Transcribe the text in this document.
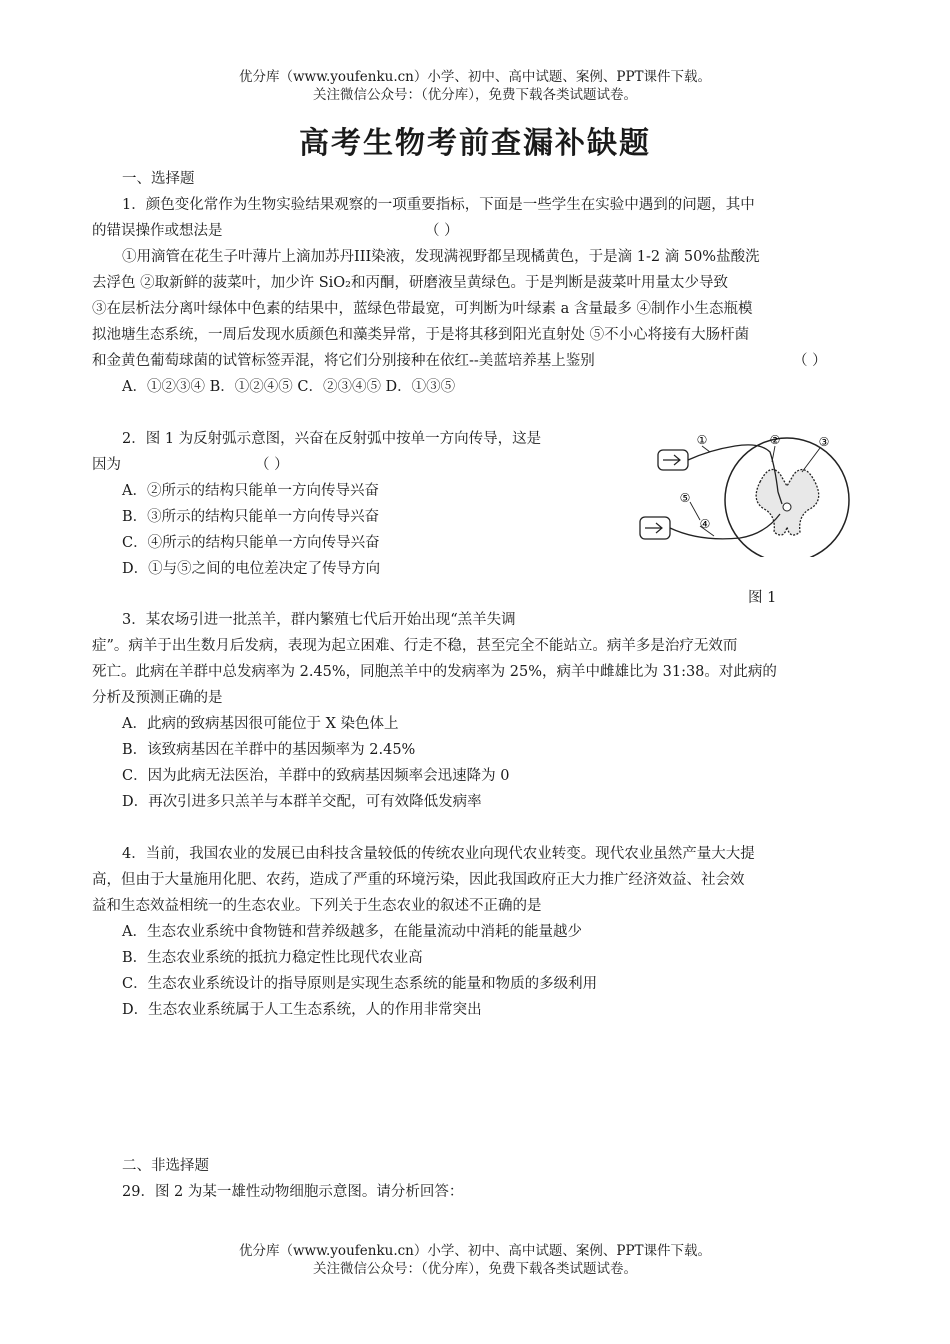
优分库（www.youfenku.cn）小学、初中、高中试题、案例、PPT课件下载。
关注微信公众号：（优分库），免费下载各类试题试卷。
高考生物考前查漏补缺题
一、选择题
1．颜色变化常作为生物实验结果观察的一项重要指标，下面是一些学生在实验中遇到的问题，其中
的错误操作或想法是	（ ）
①用滴管在花生子叶薄片上滴加苏丹III染液，发现满视野都呈现橘黄色，于是滴 1-2 滴 50%盐酸洗
去浮色 ②取新鲜的菠菜叶，加少许 SiO₂和丙酮，研磨液呈黄绿色。于是判断是菠菜叶用量太少导致
③在层析法分离叶绿体中色素的结果中，蓝绿色带最宽，可判断为叶绿素 a 含量最多 ④制作小生态瓶模
拟池塘生态系统，一周后发现水质颜色和藻类异常，于是将其移到阳光直射处 ⑤不小心将接有大肠杆菌
和金黄色葡萄球菌的试管标签弄混，将它们分别接种在依红--美蓝培养基上鉴别	（ ）
A．①②③④ B．①②④⑤ C．②③④⑤ D．①③⑤
2．图 1 为反射弧示意图，兴奋在反射弧中按单一方向传导，这是
因为	（ ）
A．②所示的结构只能单一方向传导兴奋
B．③所示的结构只能单一方向传导兴奋
C．④所示的结构只能单一方向传导兴奋
D．①与⑤之间的电位差决定了传导方向
①	②	③
④
⑤
图 1
3．某农场引进一批羔羊，群内繁殖七代后开始出现“羔羊失调
症”。病羊于出生数月后发病，表现为起立困难、行走不稳，甚至完全不能站立。病羊多是治疗无效而
死亡。此病在羊群中总发病率为 2.45%，同胞羔羊中的发病率为 25%，病羊中雌雄比为 31:38。对此病的
分析及预测正确的是
A．此病的致病基因很可能位于 X 染色体上
B．该致病基因在羊群中的基因频率为 2.45%
C．因为此病无法医治，羊群中的致病基因频率会迅速降为 0
D．再次引进多只羔羊与本群羊交配，可有效降低发病率
4．当前，我国农业的发展已由科技含量较低的传统农业向现代农业转变。现代农业虽然产量大大提
高，但由于大量施用化肥、农药，造成了严重的环境污染，因此我国政府正大力推广经济效益、社会效
益和生态效益相统一的生态农业。下列关于生态农业的叙述不正确的是
A．生态农业系统中食物链和营养级越多，在能量流动中消耗的能量越少
B．生态农业系统的抵抗力稳定性比现代农业高
C．生态农业系统设计的指导原则是实现生态系统的能量和物质的多级利用
D．生态农业系统属于人工生态系统，人的作用非常突出
二、非选择题
29．图 2 为某一雄性动物细胞示意图。请分析回答：
优分库（www.youfenku.cn）小学、初中、高中试题、案例、PPT课件下载。
关注微信公众号：（优分库），免费下载各类试题试卷。
